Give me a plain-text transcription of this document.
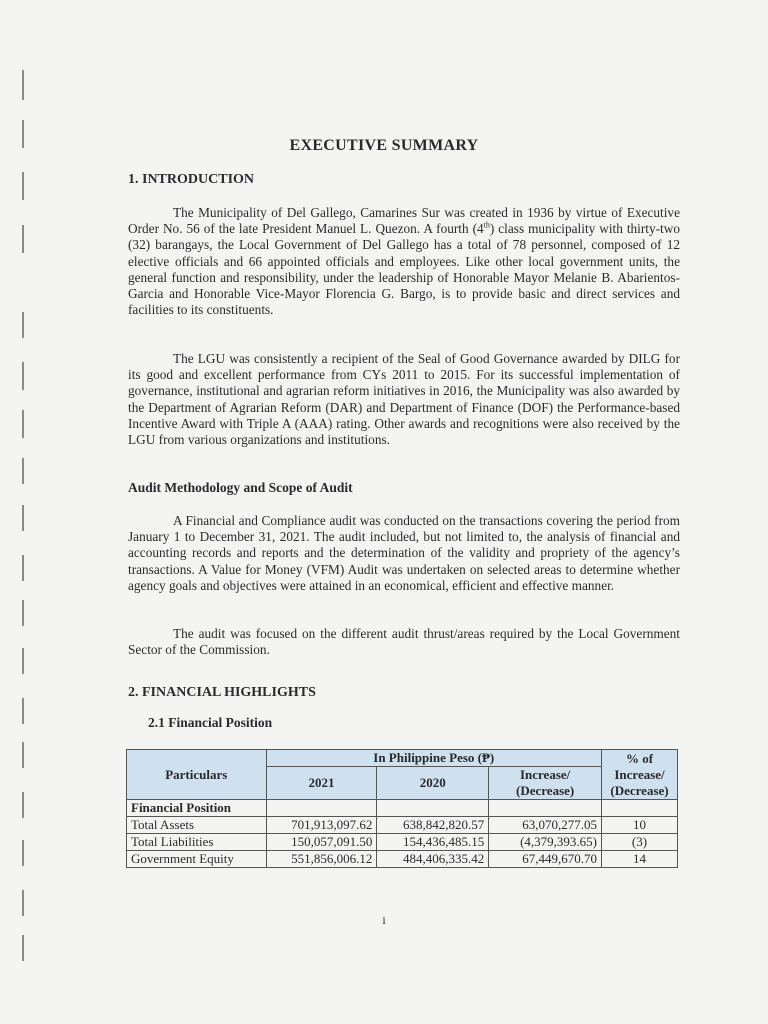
EXECUTIVE SUMMARY
1. INTRODUCTION

The Municipality of Del Gallego, Camarines Sur was created in 1936 by virtue of Executive Order No. 56 of the late President Manuel L. Quezon. A fourth (4th) class municipality with thirty-two (32) barangays, the Local Government of Del Gallego has a total of 78 personnel, composed of 12 elective officials and 66 appointed officials and employees. Like other local government units, the general function and responsibility, under the leadership of Honorable Mayor Melanie B. Abarientos-Garcia and Honorable Vice-Mayor Florencia G. Bargo, is to provide basic and direct services and facilities to its constituents.

The LGU was consistently a recipient of the Seal of Good Governance awarded by DILG for its good and excellent performance from CYs 2011 to 2015. For its successful implementation of governance, institutional and agrarian reform initiatives in 2016, the Municipality was also awarded by the Department of Agrarian Reform (DAR) and Department of Finance (DOF) the Performance-based Incentive Award with Triple A (AAA) rating. Other awards and recognitions were also received by the LGU from various organizations and institutions.

Audit Methodology and Scope of Audit

A Financial and Compliance audit was conducted on the transactions covering the period from January 1 to December 31, 2021. The audit included, but not limited to, the analysis of financial and accounting records and reports and the determination of the validity and propriety of the agency’s transactions. A Value for Money (VFM) Audit was undertaken on selected areas to determine whether agency goals and objectives were attained in an economical, efficient and effective manner.

The audit was focused on the different audit thrust/areas required by the Local Government Sector of the Commission.

2. FINANCIAL HIGHLIGHTS
2.1 Financial Position
Particulars	In Philippine Peso (₱)			% of
Increase/
(Decrease)

	2021	2020	Increase/
(Decrease)	

Financial Position				
Total Assets	701,913,097.62	638,842,820.57	63,070,277.05	10
Total Liabilities	150,057,091.50	154,436,485.15	(4,379,393.65)	(3)
Government Equity	551,856,006.12	484,406,335.42	67,449,670.70	14
i
